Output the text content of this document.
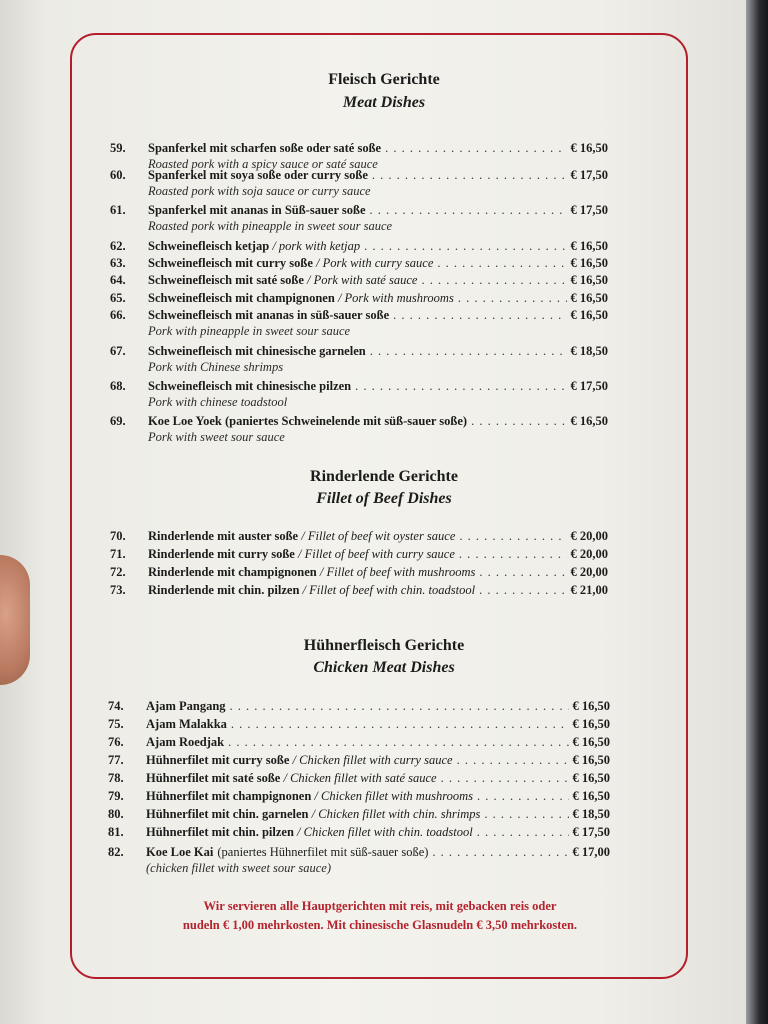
Fleisch Gerichte
Meat Dishes
59.	Spanferkel mit scharfen soße oder saté soße . . .	€ 16,50
Roasted pork with a spicy sauce or saté sauce
60.	Spanferkel mit soya soße oder curry soße . . .	€ 17,50
Roasted pork with soja sauce or curry sauce
61.	Spanferkel mit ananas in Süß-sauer soße . . .	€ 17,50
Roasted pork with pineapple in sweet sour sauce
62.	Schweinefleisch ketjap / pork with ketjap . . .	€ 16,50
63.	Schweinefleisch mit curry soße / Pork with curry sauce . . .	€ 16,50
64.	Schweinefleisch mit saté soße / Pork with saté sauce . . .	€ 16,50
65.	Schweinefleisch mit champignonen / Pork with mushrooms . . .	€ 16,50
66.	Schweinefleisch mit ananas in süß-sauer soße . . .	€ 16,50
Pork with pineapple in sweet sour sauce
67.	Schweinefleisch mit chinesische garnelen . . .	€ 18,50
Pork with Chinese shrimps
68.	Schweinefleisch mit chinesische pilzen . . .	€ 17,50
Pork with chinese toadstool
69.	Koe Loe Yoek (paniertes Schweinelende mit süß-sauer soße) . . .	€ 16,50
Pork with sweet sour sauce
Rinderlende Gerichte
Fillet of Beef Dishes
70.	Rinderlende mit auster soße / Fillet of beef wit oyster sauce . . .	€ 20,00
71.	Rinderlende mit curry soße / Fillet of beef with curry sauce . . .	€ 20,00
72.	Rinderlende mit champignonen / Fillet of beef with mushrooms . . .	€ 20,00
73.	Rinderlende mit chin. pilzen / Fillet of beef with chin. toadstool . . .	€ 21,00
Hühnerfleisch Gerichte
Chicken Meat Dishes
74.	Ajam Pangang . . .	€ 16,50
75.	Ajam Malakka . . .	€ 16,50
76.	Ajam Roedjak . . .	€ 16,50
77.	Hühnerfilet mit curry soße / Chicken fillet with curry sauce . . .	€ 16,50
78.	Hühnerfilet mit saté soße / Chicken fillet with saté sauce . . .	€ 16,50
79.	Hühnerfilet mit champignonen / Chicken fillet with mushrooms . . .	€ 16,50
80.	Hühnerfilet mit chin. garnelen / Chicken fillet with chin. shrimps . . .	€ 18,50
81.	Hühnerfilet mit chin. pilzen / Chicken fillet with chin. toadstool . . .	€ 17,50
82.	Koe Loe Kai (paniertes Hühnerfilet mit süß-sauer soße) . . .	€ 17,00
(chicken fillet with sweet sour sauce)
Wir servieren alle Hauptgerichten mit reis, mit gebacken reis oder
nudeln € 1,00 mehrkosten. Mit chinesische Glasnudeln € 3,50 mehrkosten.
